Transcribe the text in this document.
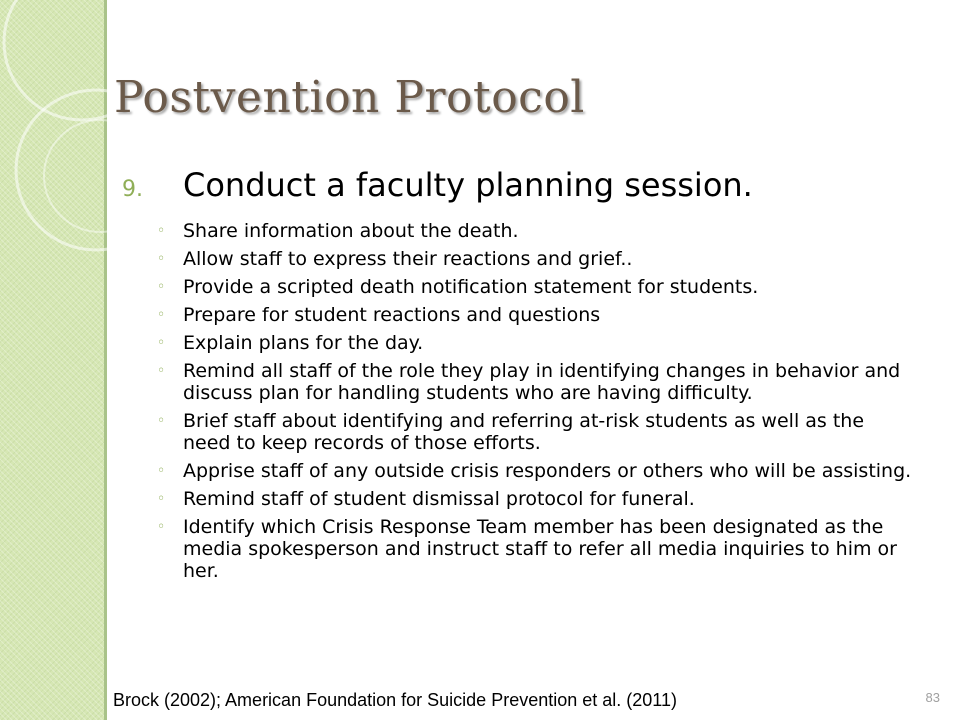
Postvention Protocol
9. Conduct a faculty planning session.
◦ Share information about the death.
◦ Allow staff to express their reactions and grief..
◦ Provide a scripted death notification statement for students.
◦ Prepare for student reactions and questions
◦ Explain plans for the day.
◦ Remind all staff of the role they play in identifying changes in behavior and discuss plan for handling students who are having difficulty.
◦ Brief staff about identifying and referring at-risk students as well as the need to keep records of those efforts.
◦ Apprise staff of any outside crisis responders or others who will be assisting.
◦ Remind staff of student dismissal protocol for funeral.
◦ Identify which Crisis Response Team member has been designated as the media spokesperson and instruct staff to refer all media inquiries to him or her.

Brock (2002); American Foundation for Suicide Prevention et al. (2011)	83
